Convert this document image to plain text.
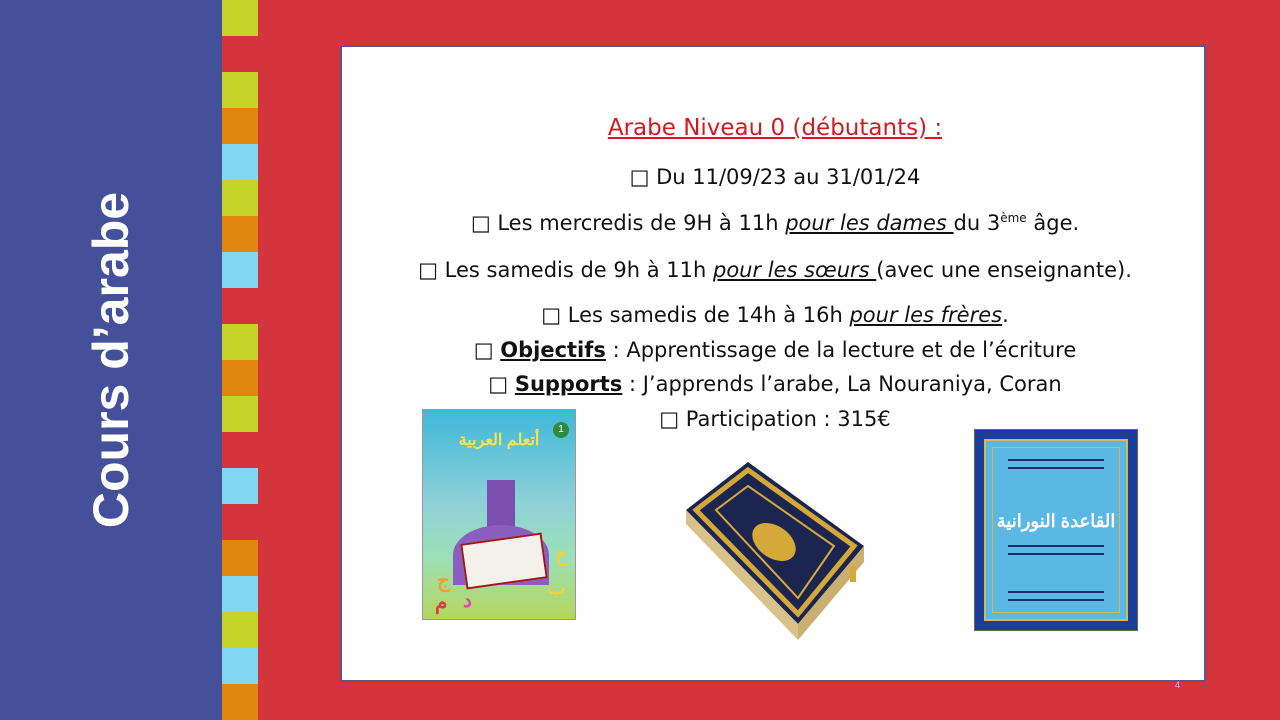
Cours d’arabe
Arabe Niveau 0 (débutants) :
□ Du 11/09/23 au 31/01/24
□ Les mercredis de 9H à 11h pour les dames du 3ème âge.
□ Les samedis de 9h à 11h pour les sœurs (avec une enseignante).
□ Les samedis de 14h à 16h pour les frères.
□ Objectifs : Apprentissage de la lecture et de l’écriture
□ Supports : J’apprends l’arabe, La Nouraniya, Coran
□ Participation : 315€
1
أتعلم العربية
ح
ب
ج
م د
القاعدة النورانية
4
